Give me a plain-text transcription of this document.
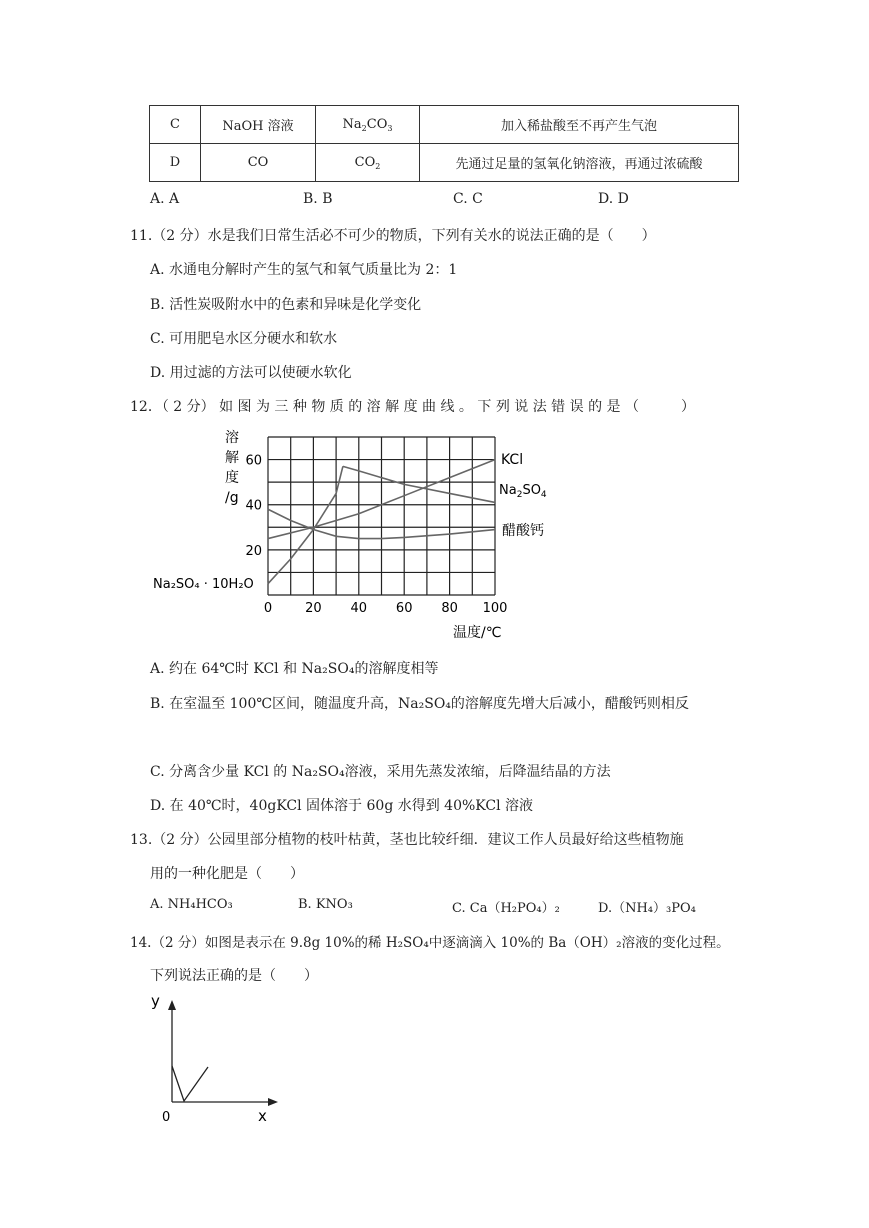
C	NaOH 溶液	$Na_2CO_3$	加入稀盐酸至不再产生气泡
D	CO	$CO_2$	先通过足量的氢氧化钠溶液，再通过浓硫酸
A. A	B. B	C. C	D. D
11.（2 分）水是我们日常生活必不可少的物质，下列有关水的说法正确的是（　　）
A. 水通电分解时产生的氢气和氧气质量比为 2：1
B. 活性炭吸附水中的色素和异味是化学变化
C. 可用肥皂水区分硬水和软水
D. 用过滤的方法可以使硬水软化
12．（ 2 分） 如 图 为 三 种 物 质 的 溶 解 度 曲 线 。 下 列 说 法 错 误 的 是 （　　　）
0	20 40 60 80 100
20
40
60
溶
解
度
/g
温度/℃
KCl
$Na_2SO_4$
醋酸钙
Na₂SO₄ · 10H₂O
A. 约在 64℃时 KCl 和 Na₂SO₄的溶解度相等
B. 在室温至 100℃区间，随温度升高，Na₂SO₄的溶解度先增大后减小，醋酸钙则相反
C. 分离含少量 KCl 的 Na₂SO₄溶液，采用先蒸发浓缩，后降温结晶的方法
D. 在 40℃时，40gKCl 固体溶于 60g 水得到 40%KCl 溶液
13.（2 分）公园里部分植物的枝叶枯黄，茎也比较纤细．建议工作人员最好给这些植物施
用的一种化肥是（　　）
A. NH₄HCO₃	B. KNO₃	C. Ca（H₂PO₄）₂	D.（NH₄）₃PO₄
14.（2 分）如图是表示在 9.8g 10%的稀 H₂SO₄中逐滴滴入 10%的 Ba（OH）₂溶液的变化过程。
下列说法正确的是（　　）
y
0	x
